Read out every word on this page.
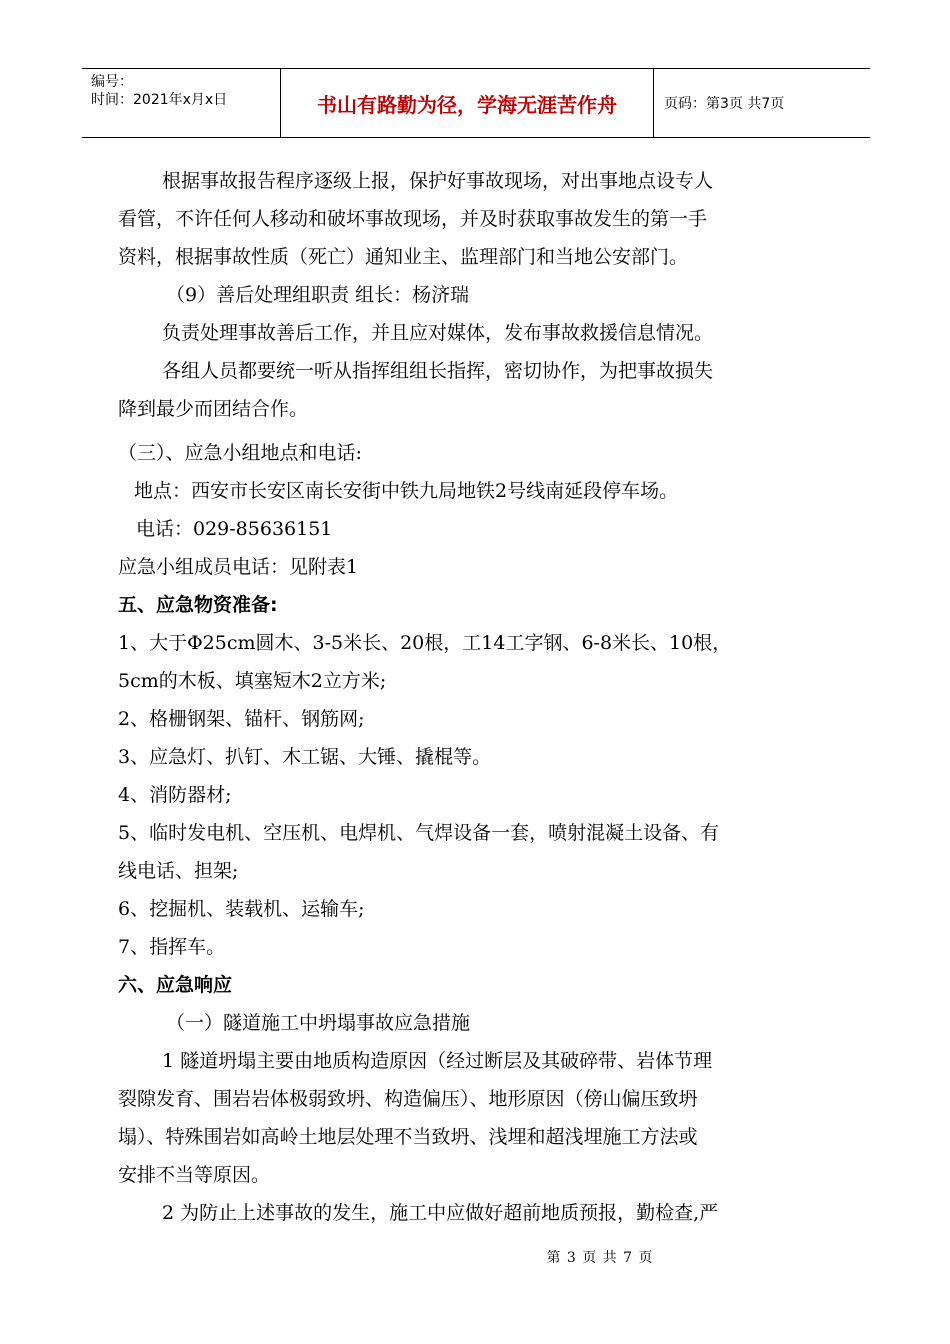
编号：
时间：2021年x月x日	书山有路勤为径，学海无涯苦作舟	页码：第3页 共7页

根据事故报告程序逐级上报，保护好事故现场，对出事地点设专人

看管，不许任何人移动和破坏事故现场，并及时获取事故发生的第一手

资料，根据事故性质（死亡）通知业主、监理部门和当地公安部门。

（9）善后处理组职责 组长：杨济瑞

负责处理事故善后工作，并且应对媒体，发布事故救援信息情况。

各组人员都要统一听从指挥组组长指挥，密切协作，为把事故损失

降到最少而团结合作。

（三）、应急小组地点和电话:

地点：西安市长安区南长安街中铁九局地铁2号线南延段停车场。

电话：029-85636151

应急小组成员电话：见附表1

五、应急物资准备:

1、大于Φ25cm圆木、3-5米长、20根，工14工字钢、6-8米长、10根，

5cm的木板、填塞短木2立方米;

2、格栅钢架、锚杆、钢筋网;

3、应急灯、扒钉、木工锯、大锤、撬棍等。

4、消防器材;

5、临时发电机、空压机、电焊机、气焊设备一套，喷射混凝土设备、有

线电话、担架;

6、挖掘机、装载机、运输车;

7、指挥车。

六、应急响应

（一）隧道施工中坍塌事故应急措施

1 隧道坍塌主要由地质构造原因（经过断层及其破碎带、岩体节理

裂隙发育、围岩岩体极弱致坍、构造偏压）、地形原因（傍山偏压致坍

塌）、特殊围岩如高岭土地层处理不当致坍、浅埋和超浅埋施工方法或

安排不当等原因。

2 为防止上述事故的发生，施工中应做好超前地质预报，勤检查,严

第 3 页 共 7 页
